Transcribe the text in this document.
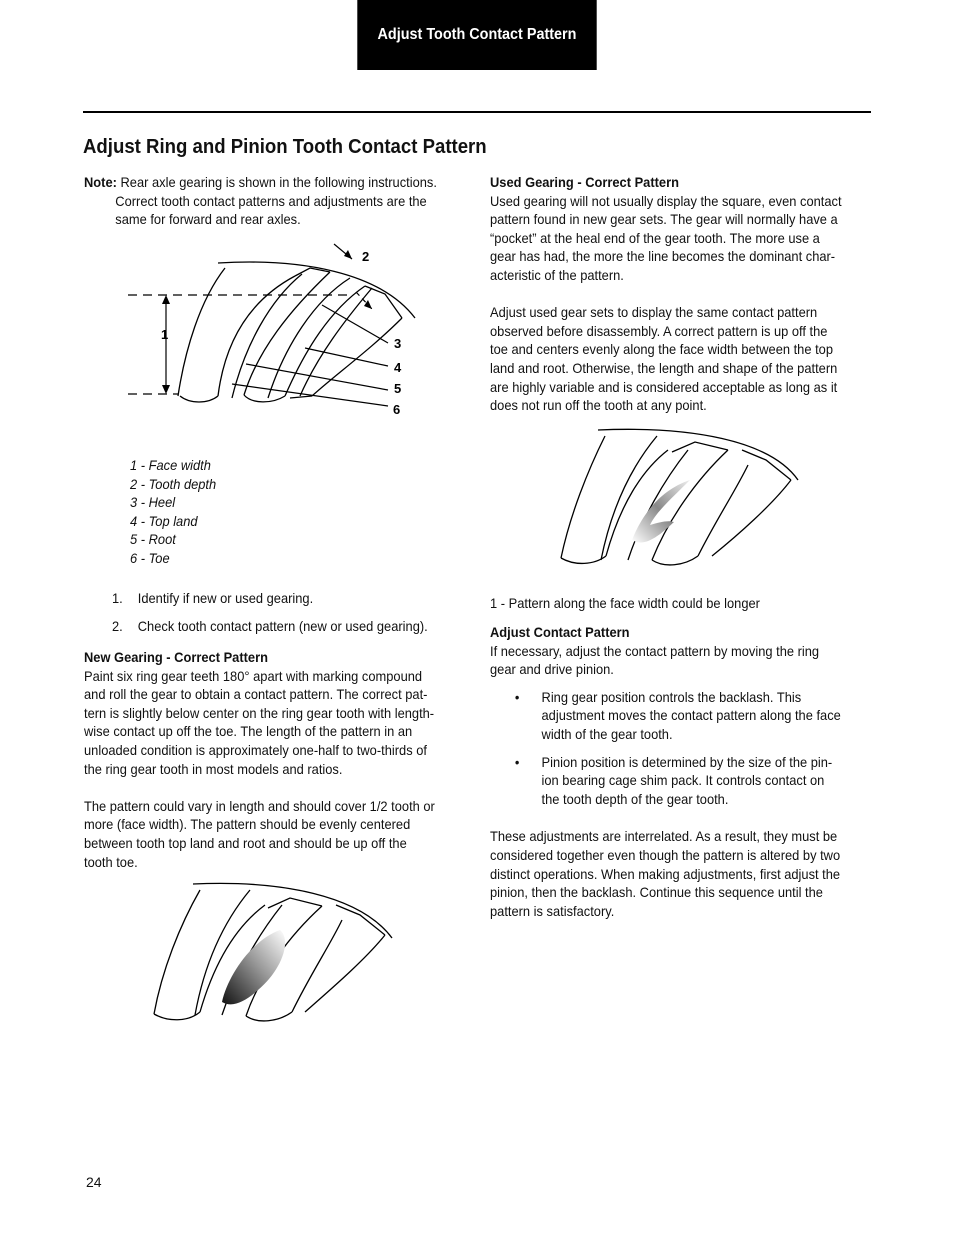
Adjust Tooth Contact Pattern
Adjust Ring and Pinion Tooth Contact Pattern
Note: Rear axle gearing is shown in the following instructions.
Correct tooth contact patterns and adjustments are the
same for forward and rear axles.
1
2
3
4
5
6
1 - Face width
2 - Tooth depth
3 - Heel
4 - Top land
5 - Root
6 - Toe
1. Identify if new or used gearing.
2. Check tooth contact pattern (new or used gearing).
New Gearing - Correct Pattern
Paint six ring gear teeth 180° apart with marking compound
and roll the gear to obtain a contact pattern. The correct pat-
tern is slightly below center on the ring gear tooth with length-
wise contact up off the toe. The length of the pattern in an
unloaded condition is approximately one-half to two-thirds of
the ring gear tooth in most models and ratios.
The pattern could vary in length and should cover 1/2 tooth or
more (face width). The pattern should be evenly centered
between tooth top land and root and should be up off the
tooth toe.
Used Gearing - Correct Pattern
Used gearing will not usually display the square, even contact
pattern found in new gear sets. The gear will normally have a
“pocket” at the heal end of the gear tooth. The more use a
gear has had, the more the line becomes the dominant char-
acteristic of the pattern.
Adjust used gear sets to display the same contact pattern
observed before disassembly. A correct pattern is up off the
toe and centers evenly along the face width between the top
land and root. Otherwise, the length and shape of the pattern
are highly variable and is considered acceptable as long as it
does not run off the tooth at any point.
1 - Pattern along the face width could be longer
Adjust Contact Pattern
If necessary, adjust the contact pattern by moving the ring
gear and drive pinion.
• Ring gear position controls the backlash. This
adjustment moves the contact pattern along the face
width of the gear tooth.
• Pinion position is determined by the size of the pin-
ion bearing cage shim pack. It controls contact on
the tooth depth of the gear tooth.
These adjustments are interrelated. As a result, they must be
considered together even though the pattern is altered by two
distinct operations. When making adjustments, first adjust the
pinion, then the backlash. Continue this sequence until the
pattern is satisfactory.
24
